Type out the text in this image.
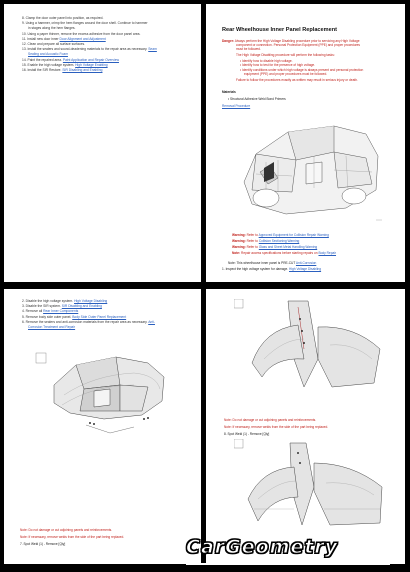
8. Clamp the door outer panel into position, as required.
9. Using a hammer, crimp the hem flanges around the door shell. Continue to hammer
in stages along the hem flanges.
10. Using a paper thinner, remove the excess adhesive from the door panel area.
11. Install new door inner Door Alignment and Adjustment
12. Clean and prepare all surface surfaces.
13. Install the sealers and sound-deadening materials to the repair area as necessary. Seam
Sealing and Acoustic Foam
14. Paint the repaired area. Paint Application and Repair Overview
15. Enable the high voltage system. High Voltage Enabling
16. Install the SIR Restore. SIR Disabling and Enabling
Rear Wheelhouse Inner Panel Replacement
Danger: Always perform the High Voltage Disabling procedure prior to servicing any High Voltage
component or connection. Personal Protection Equipment (PPE) and proper procedures
must be followed.
The High Voltage Disabling procedure will perform the following tasks:
• Identify how to disable high voltage.
• Identify how to test for the presence of high voltage.
• Identify conditions under which high voltage is always present and personal protection
equipment (PPE) and proper procedures must be followed.
Failure to follow the procedures exactly as written may result in serious injury or death.
Materials
• Structural Adhesive Weld Bond Primers
Removal Procedure
Warning: Refer to Approved Equipment for Collision Repair Warning
Warning: Refer to Collision Sectioning Warning
Warning: Refer to Glass and Sheet Metal Handling Warning
Note: Repair access specifications before starting repairs on Body Repair
Note: This wheelhouse inner panel is PRE-CUT Anti-Corrosion
1. Inspect the high voltage system for damage. High Voltage Disabling
2. Disable the high voltage system. High Voltage Disabling
3. Disable the SIR system. SIR Disabling and Enabling
4. Remove all Rear Inner Components
5. Remove body side outer panel. Body Side Outer Panel Replacement
6. Remove the sealers and anti-corrosion materials from the repair area as necessary. Anti-
Corrosion Treatment and Repair
Note: Do not damage or cut adjoining panels and reinforcements.
Note: If necessary, remove welds from the side of the part being replaced.
7. Spot Weld (1) - Remove [Qty]
Note: Do not damage or cut adjoining panels and reinforcements.
Note: If necessary, remove welds from the side of the part being replaced.
8. Spot Weld (1) - Remove [Qty]
CarGeometry
